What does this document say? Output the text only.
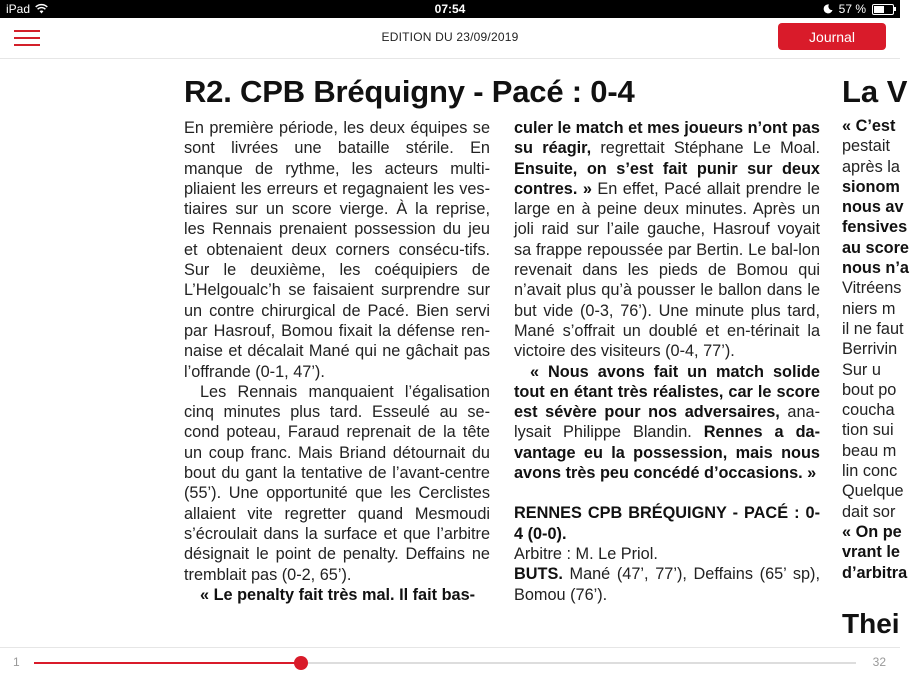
iPad	07:54	57 %
EDITION DU 23/09/2019	Journal
R2. CPB Bréquigny - Pacé : 0-4

En première période, les deux équipes se sont livrées une bataille stérile. En manque de rythme, les acteurs multi-pliaient les erreurs et regagnaient les ves-tiaires sur un score vierge. À la reprise, les Rennais prenaient possession du jeu et obtenaient deux corners consécu-tifs. Sur le deuxième, les coéquipiers de L’Helgoualc’h se faisaient surprendre sur un contre chirurgical de Pacé. Bien servi par Hasrouf, Bomou fixait la défense ren-naise et décalait Mané qui ne gâchait pas l’offrande (0-1, 47’).

Les Rennais manquaient l’égalisation cinq minutes plus tard. Esseulé au se-cond poteau, Faraud reprenait de la tête un coup franc. Mais Briand détournait du bout du gant la tentative de l’avant-centre (55’). Une opportunité que les Cerclistes allaient vite regretter quand Mesmoudi s’écroulait dans la surface et que l’arbitre désignait le point de penalty. Deffains ne tremblait pas (0-2, 65’).

« Le penalty fait très mal. Il fait bas-

culer le match et mes joueurs n’ont pas su réagir, regrettait Stéphane Le Moal. Ensuite, on s’est fait punir sur deux contres. » En effet, Pacé allait prendre le large en à peine deux minutes. Après un joli raid sur l’aile gauche, Hasrouf voyait sa frappe repoussée par Bertin. Le bal-lon revenait dans les pieds de Bomou qui n’avait plus qu’à pousser le ballon dans le but vide (0-3, 76’). Une minute plus tard, Mané s’offrait un doublé et en-térinait la victoire des visiteurs (0-4, 77’).

« Nous avons fait un match solide tout en étant très réalistes, car le score est sévère pour nos adversaires, ana-lysait Philippe Blandin. Rennes a da-vantage eu la possession, mais nous avons très peu concédé d’occasions. »

RENNES CPB BRÉQUIGNY - PACÉ : 0-4 (0-0).

Arbitre : M. Le Priol.

BUTS. Mané (47’, 77’), Deffains (65’ sp), Bomou (76’).

La V
« C’est
pestait
après la
sionom
nous av
fensives
au score
nous n’a
Vitréens
niers m
il ne faut
Berrivin
Sur u
bout po
coucha
tion sui
beau m
lin conc
Quelque
dait sor
« On pe
vrant le
d’arbitra
Thei
1	32
